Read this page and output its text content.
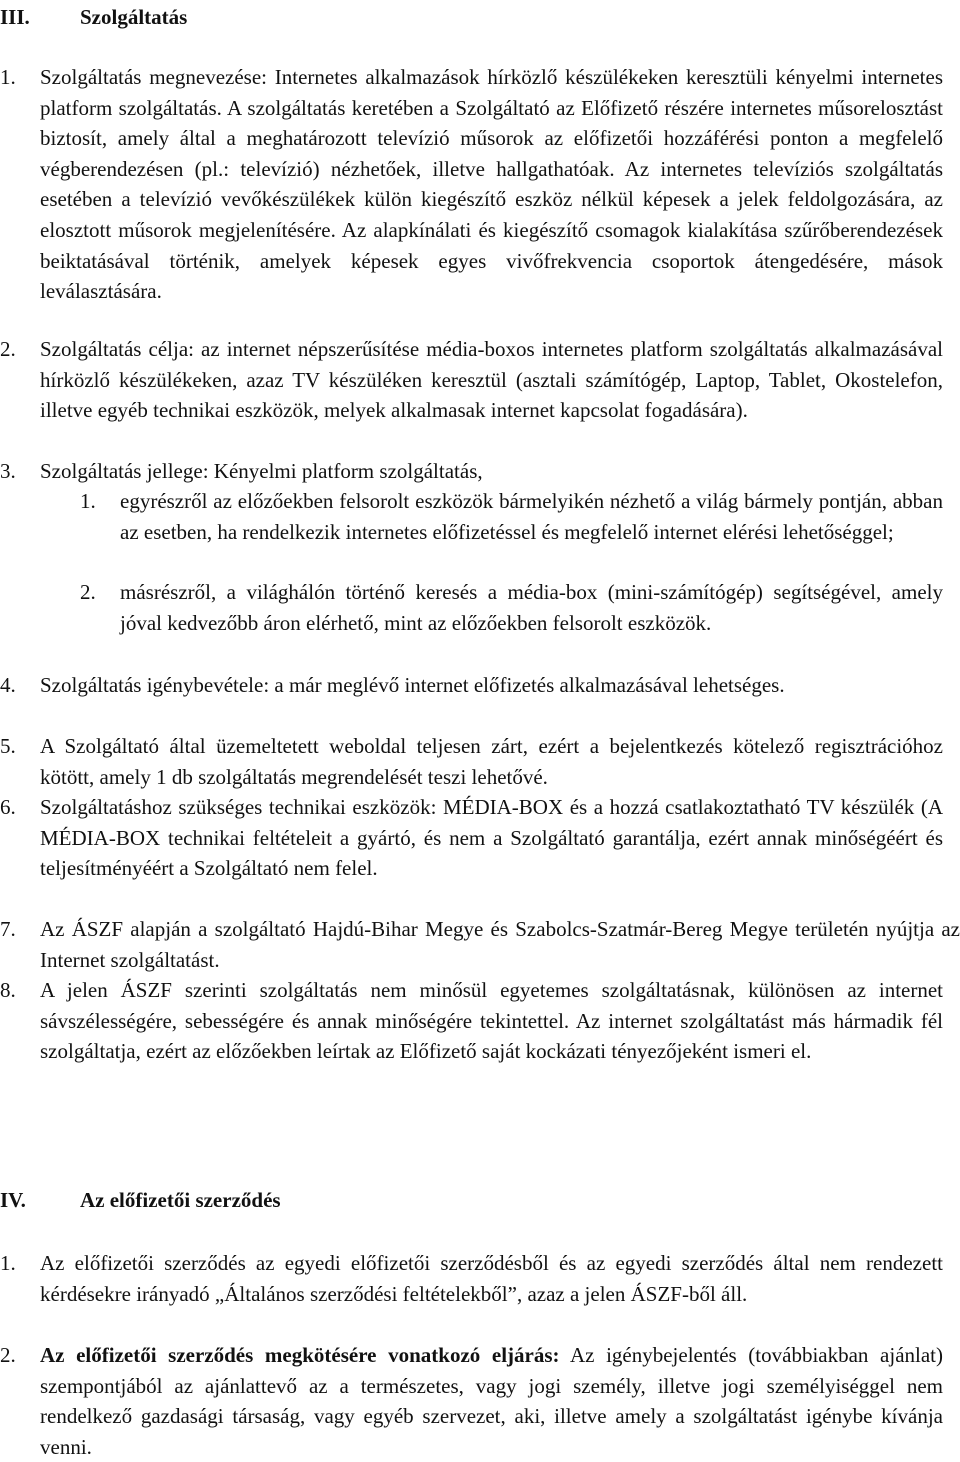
III. Szolgáltatás
1. Szolgáltatás megnevezése: Internetes alkalmazások hírközlő készülékeken keresztüli kényelmi internetes platform szolgáltatás. A szolgáltatás keretében a Szolgáltató az Előfizető részére internetes műsorelosztást biztosít, amely által a meghatározott televízió műsorok az előfizetői hozzáférési ponton a megfelelő végberendezésen (pl.: televízió) nézhetőek, illetve hallgathatóak. Az internetes televíziós szolgáltatás esetében a televízió vevőkészülékek külön kiegészítő eszköz nélkül képesek a jelek feldolgozására, az elosztott műsorok megjelenítésére. Az alapkínálati és kiegészítő csomagok kialakítása szűrőberendezések beiktatásával történik, amelyek képesek egyes vivőfrekvencia csoportok átengedésére, mások leválasztására.
2. Szolgáltatás célja: az internet népszerűsítése média-boxos internetes platform szolgáltatás alkalmazásával hírközlő készülékeken, azaz TV készüléken keresztül (asztali számítógép, Laptop, Tablet, Okostelefon, illetve egyéb technikai eszközök, melyek alkalmasak internet kapcsolat fogadására).
3. Szolgáltatás jellege: Kényelmi platform szolgáltatás,
1. egyrészről az előzőekben felsorolt eszközök bármelyikén nézhető a világ bármely pontján, abban az esetben, ha rendelkezik internetes előfizetéssel és megfelelő internet elérési lehetőséggel;
2. másrészről, a világhálón történő keresés a média-box (mini-számítógép) segítségével, amely jóval kedvezőbb áron elérhető, mint az előzőekben felsorolt eszközök.
4. Szolgáltatás igénybevétele: a már meglévő internet előfizetés alkalmazásával lehetséges.
5. A Szolgáltató által üzemeltetett weboldal teljesen zárt, ezért a bejelentkezés kötelező regisztrációhoz kötött, amely 1 db szolgáltatás megrendelését teszi lehetővé.
6. Szolgáltatáshoz szükséges technikai eszközök: MÉDIA-BOX és a hozzá csatlakoztatható TV készülék (A MÉDIA-BOX technikai feltételeit a gyártó, és nem a Szolgáltató garantálja, ezért annak minőségéért és teljesítményéért a Szolgáltató nem felel.
7. Az ÁSZF alapján a szolgáltató Hajdú-Bihar Megye és Szabolcs-Szatmár-Bereg Megye területén nyújtja az Internet szolgáltatást.
8. A jelen ÁSZF szerinti szolgáltatás nem minősül egyetemes szolgáltatásnak, különösen az internet sávszélességére, sebességére és annak minőségére tekintettel. Az internet szolgáltatást más hármadik fél szolgáltatja, ezért az előzőekben leírtak az Előfizető saját kockázati tényezőjeként ismeri el.
IV.	Az előfizetői szerződés
1. Az előfizetői szerződés az egyedi előfizetői szerződésből és az egyedi szerződés által nem rendezett kérdésekre irányadó „Általános szerződési feltételekből”, azaz a jelen ÁSZF-ből áll.
2. Az előfizetői szerződés megkötésére vonatkozó eljárás: Az igénybejelentés (továbbiakban ajánlat) szempontjából az ajánlattevő az a természetes, vagy jogi személy, illetve jogi személyiséggel nem rendelkező gazdasági társaság, vagy egyéb szervezet, aki, illetve amely a szolgáltatást igénybe kívánja venni.
